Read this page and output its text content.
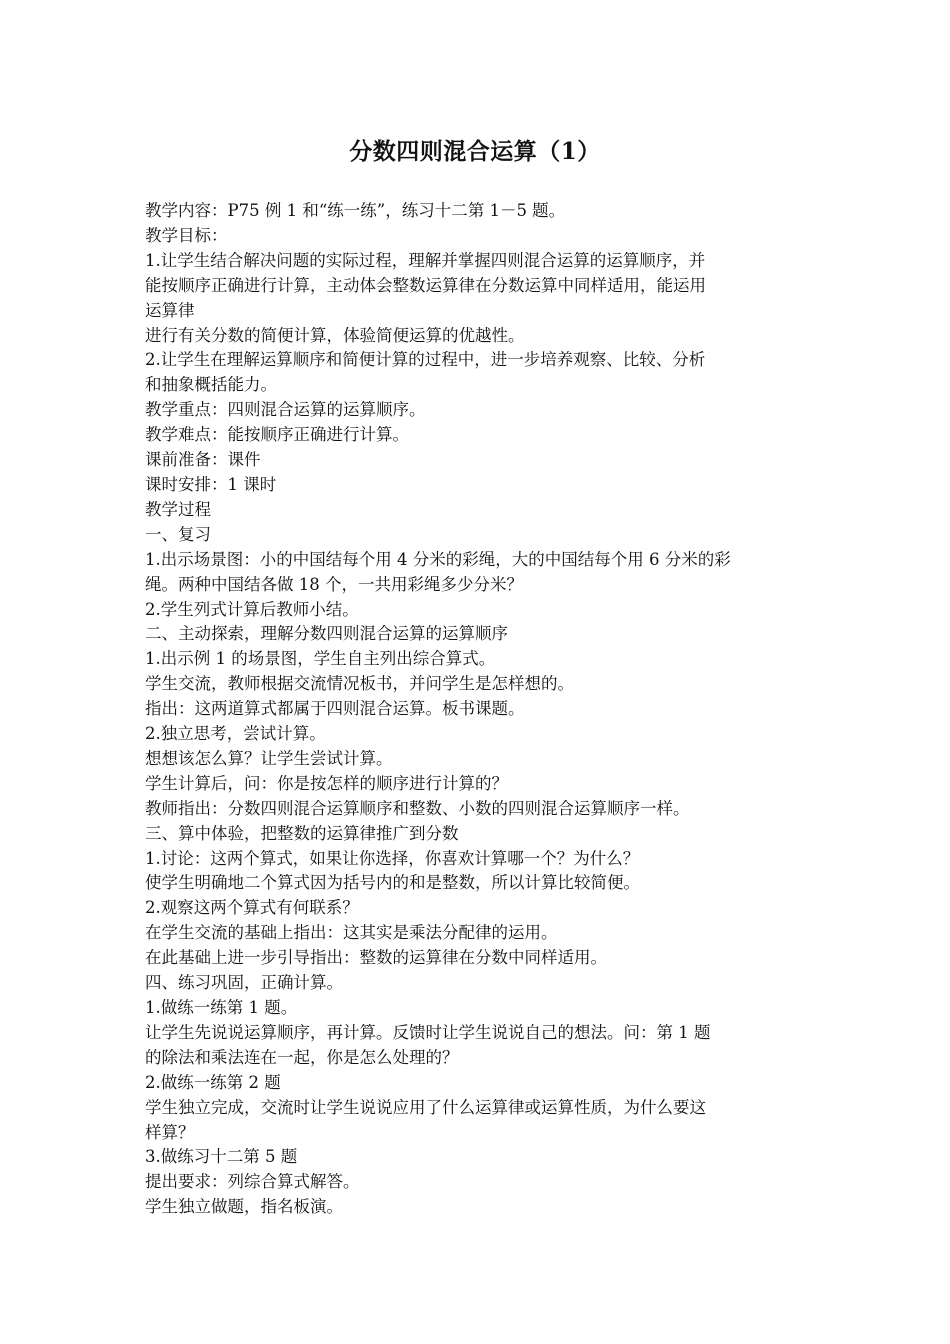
分数四则混合运算（1）
教学内容：P75 例 1 和“练一练”，练习十二第 1－5 题。
教学目标：
1.让学生结合解决问题的实际过程，理解并掌握四则混合运算的运算顺序，并
能按顺序正确进行计算，主动体会整数运算律在分数运算中同样适用，能运用
运算律
进行有关分数的简便计算，体验简便运算的优越性。
2.让学生在理解运算顺序和简便计算的过程中，进一步培养观察、比较、分析
和抽象概括能力。
教学重点：四则混合运算的运算顺序。
教学难点：能按顺序正确进行计算。
课前准备：课件
课时安排：1 课时
教学过程
一、复习
1.出示场景图：小的中国结每个用 4 分米的彩绳，大的中国结每个用 6 分米的彩
绳。两种中国结各做 18 个，一共用彩绳多少分米？
2.学生列式计算后教师小结。
二、主动探索，理解分数四则混合运算的运算顺序
1.出示例 1 的场景图，学生自主列出综合算式。
学生交流，教师根据交流情况板书，并问学生是怎样想的。
指出：这两道算式都属于四则混合运算。板书课题。
2.独立思考，尝试计算。
想想该怎么算？让学生尝试计算。
学生计算后，问：你是按怎样的顺序进行计算的？
教师指出：分数四则混合运算顺序和整数、小数的四则混合运算顺序一样。
三、算中体验，把整数的运算律推广到分数
1.讨论：这两个算式，如果让你选择，你喜欢计算哪一个？为什么？
使学生明确地二个算式因为括号内的和是整数，所以计算比较简便。
2.观察这两个算式有何联系？
在学生交流的基础上指出：这其实是乘法分配律的运用。
在此基础上进一步引导指出：整数的运算律在分数中同样适用。
四、练习巩固，正确计算。
1.做练一练第 1 题。
让学生先说说运算顺序，再计算。反馈时让学生说说自己的想法。问：第 1 题
的除法和乘法连在一起，你是怎么处理的？
2.做练一练第 2 题
学生独立完成，交流时让学生说说应用了什么运算律或运算性质，为什么要这
样算？
3.做练习十二第 5 题
提出要求：列综合算式解答。
学生独立做题，指名板演。
